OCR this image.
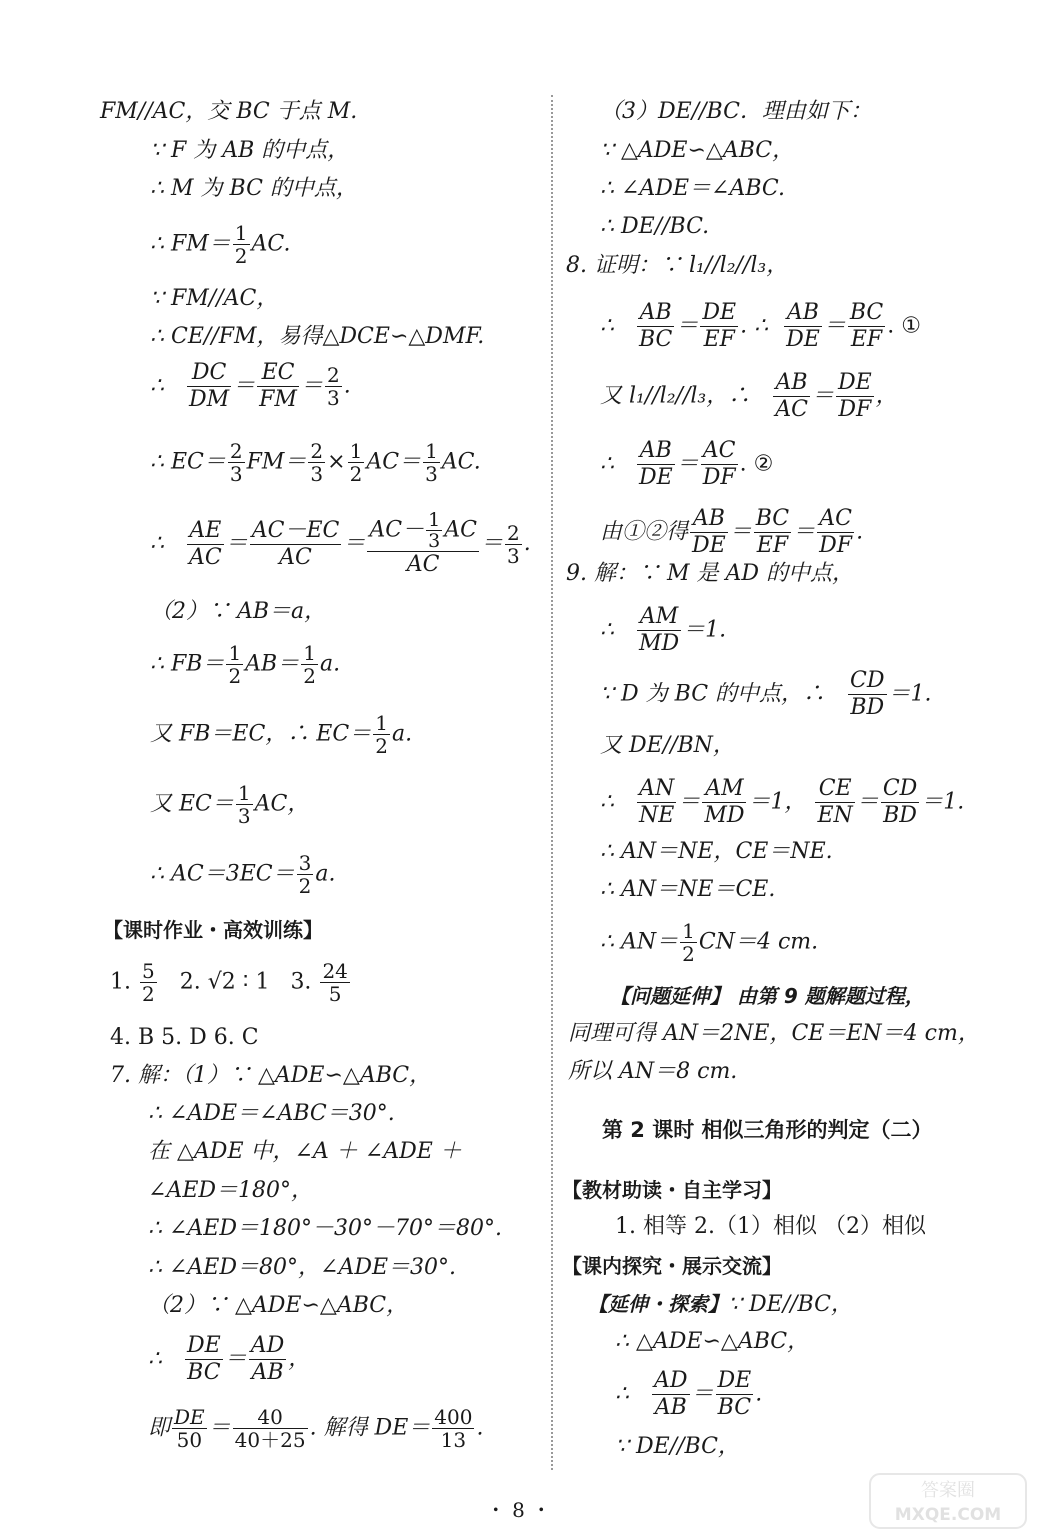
FM//AC，交 BC 于点 M.
∵ F 为 AB 的中点，
∴ M 为 BC 的中点，
∴ $FM= \frac{1}{2}$ AC.
∵ FM//AC，
∴ CE//FM，易得△DCE∽△DMF.
∴ $\frac{DC}{DM} = \frac{EC}{FM} = \frac{2}{3}$ .
∴ $EC= \frac{2}{3} FM= \frac{2}{3} \times \frac{1}{2} AC= \frac{1}{3}$ AC.
∴ $\frac{AE}{AC} = \frac{AC-EC}{AC} = \frac{AC- \frac{1}{3} AC}{AC} = \frac{2}{3}$ .
（2）∵ AB＝a，
∴ $FB= \frac{1}{2} AB= \frac{1}{2} a$.
又 FB＝EC，∴ $EC= \frac{1}{2} a$.
又 $EC= \frac{1}{3}$ AC，
∴ $AC=3EC= \frac{3}{2} a$.
【课时作业・高效训练】
1. $\frac{5}{2} 2$. √2 ∶ 1 3. $\frac{24}{5}$
4. B 5. D 6. C
7. 解：（1）∵ △ADE∽△ABC，
∴ ∠ADE＝∠ABC＝30°.
在 △ADE 中，∠A ＋ ∠ADE ＋
∠AED＝180°，
∴ ∠AED＝180°－30°－70°＝80°.
∴ ∠AED＝80°，∠ADE＝30°.
（2）∵ △ADE∽△ABC，
∴ $\frac{DE}{BC} = \frac{AD}{AB}$ ，
即 $\frac{DE}{50} = \frac{40}{40+25}$ . 解得 $DE= \frac{400}{13}$ .
（3）DE//BC．理由如下：
∵ △ADE∽△ABC，
∴ ∠ADE＝∠ABC.
∴ DE//BC.
8. 证明：∵ l₁//l₂//l₃，
∴ $\frac{AB}{BC} = \frac{DE}{EF}$ . ∴ $\frac{AB}{DE} = \frac{BC}{EF}$ . ①
又 l₁//l₂//l₃，∴ $\frac{AB}{AC} = \frac{DE}{DF}$ ，
∴ $\frac{AB}{DE} = \frac{AC}{DF}$ . ②
由①②得 $\frac{AB}{DE} = \frac{BC}{EF} = \frac{AC}{DF}$ .
9. 解：∵ M 是 AD 的中点，
∴ $\frac{AM}{MD} =1$.
∵ D 为 BC 的中点，∴ $\frac{CD}{BD} =1$.
又 DE//BN，
∴ $\frac{AN}{NE} = \frac{AM}{MD} =1$， $\frac{CE}{EN} = \frac{CD}{BD} =1$.
∴ AN＝NE，CE＝NE.
∴ AN＝NE＝CE.
∴ $AN= \frac{1}{2} CN=4$ cm.
【问题延伸】 由第 9 题解题过程，
同理可得 AN＝2NE，CE＝EN＝4 cm，
所以 AN＝8 cm.
第 2 课时 相似三角形的判定（二）
【教材助读・自主学习】
1. 相等 2.（1）相似 （2）相似
【课内探究・展示交流】
【延伸・探索】∵ DE//BC，
∴ △ADE∽△ABC，
∴ $\frac{AD}{AB} = \frac{DE}{BC}$ .
∵ DE//BC，
・ 8 ・
答案圈
MXQE.COM
